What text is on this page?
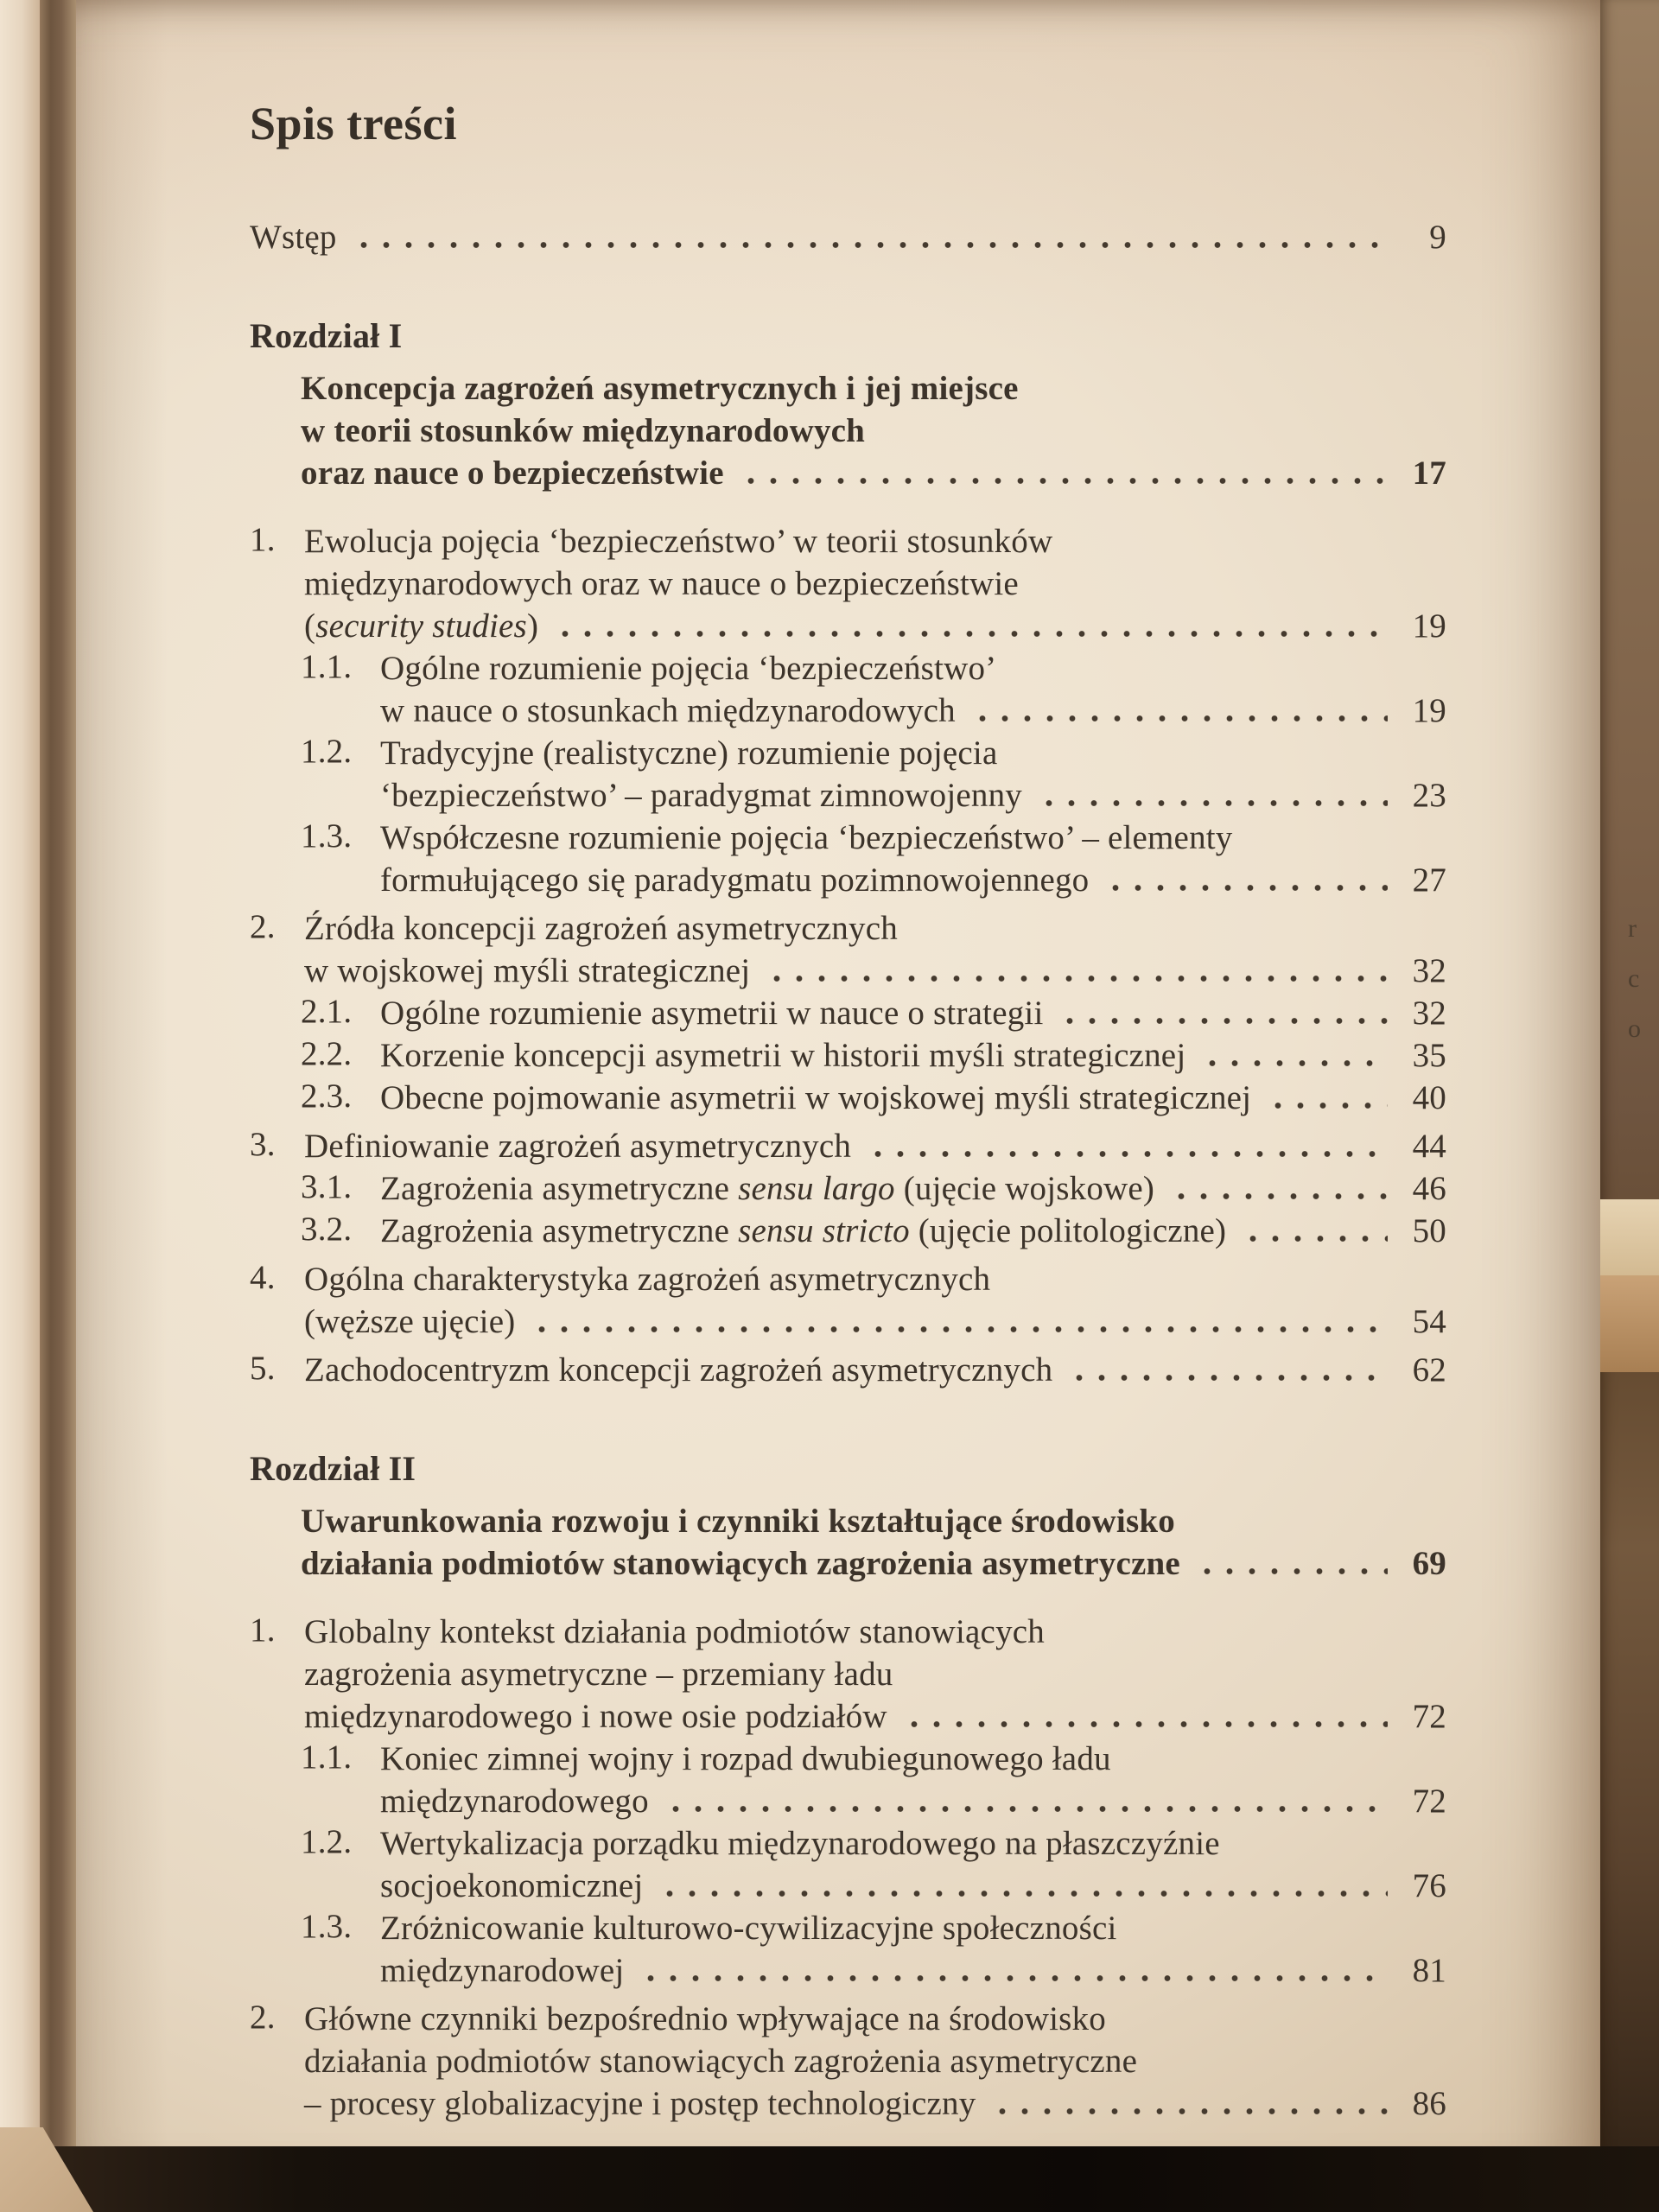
Spis treści
Wstęp	9
Rozdział I
Koncepcja zagrożeń asymetrycznych i jej miejsce
w teorii stosunków międzynarodowych
oraz nauce o bezpieczeństwie	17
1. Ewolucja pojęcia ‘bezpieczeństwo’ w teorii stosunków
międzynarodowych oraz w nauce o bezpieczeństwie
(security studies)	19
1.1. Ogólne rozumienie pojęcia ‘bezpieczeństwo’
w nauce o stosunkach międzynarodowych	19
1.2. Tradycyjne (realistyczne) rozumienie pojęcia
‘bezpieczeństwo’ – paradygmat zimnowojenny	23
1.3. Współczesne rozumienie pojęcia ‘bezpieczeństwo’ – elementy
formułującego się paradygmatu pozimnowojennego	27
2. Źródła koncepcji zagrożeń asymetrycznych
w wojskowej myśli strategicznej	32
2.1. Ogólne rozumienie asymetrii w nauce o strategii	32
2.2. Korzenie koncepcji asymetrii w historii myśli strategicznej	35
2.3. Obecne pojmowanie asymetrii w wojskowej myśli strategicznej	40
3. Definiowanie zagrożeń asymetrycznych	44
3.1. Zagrożenia asymetryczne sensu largo (ujęcie wojskowe)	46
3.2. Zagrożenia asymetryczne sensu stricto (ujęcie politologiczne)	50
4. Ogólna charakterystyka zagrożeń asymetrycznych
(węższe ujęcie)	54
5. Zachodocentryzm koncepcji zagrożeń asymetrycznych	62
Rozdział II
Uwarunkowania rozwoju i czynniki kształtujące środowisko
działania podmiotów stanowiących zagrożenia asymetryczne	69
1. Globalny kontekst działania podmiotów stanowiących
zagrożenia asymetryczne – przemiany ładu
międzynarodowego i nowe osie podziałów	72
1.1. Koniec zimnej wojny i rozpad dwubiegunowego ładu
międzynarodowego	72
1.2. Wertykalizacja porządku międzynarodowego na płaszczyźnie
socjoekonomicznej	76
1.3. Zróżnicowanie kulturowo-cywilizacyjne społeczności
międzynarodowej	81
2. Główne czynniki bezpośrednio wpływające na środowisko
działania podmiotów stanowiących zagrożenia asymetryczne
– procesy globalizacyjne i postęp technologiczny	86
r
c
o
